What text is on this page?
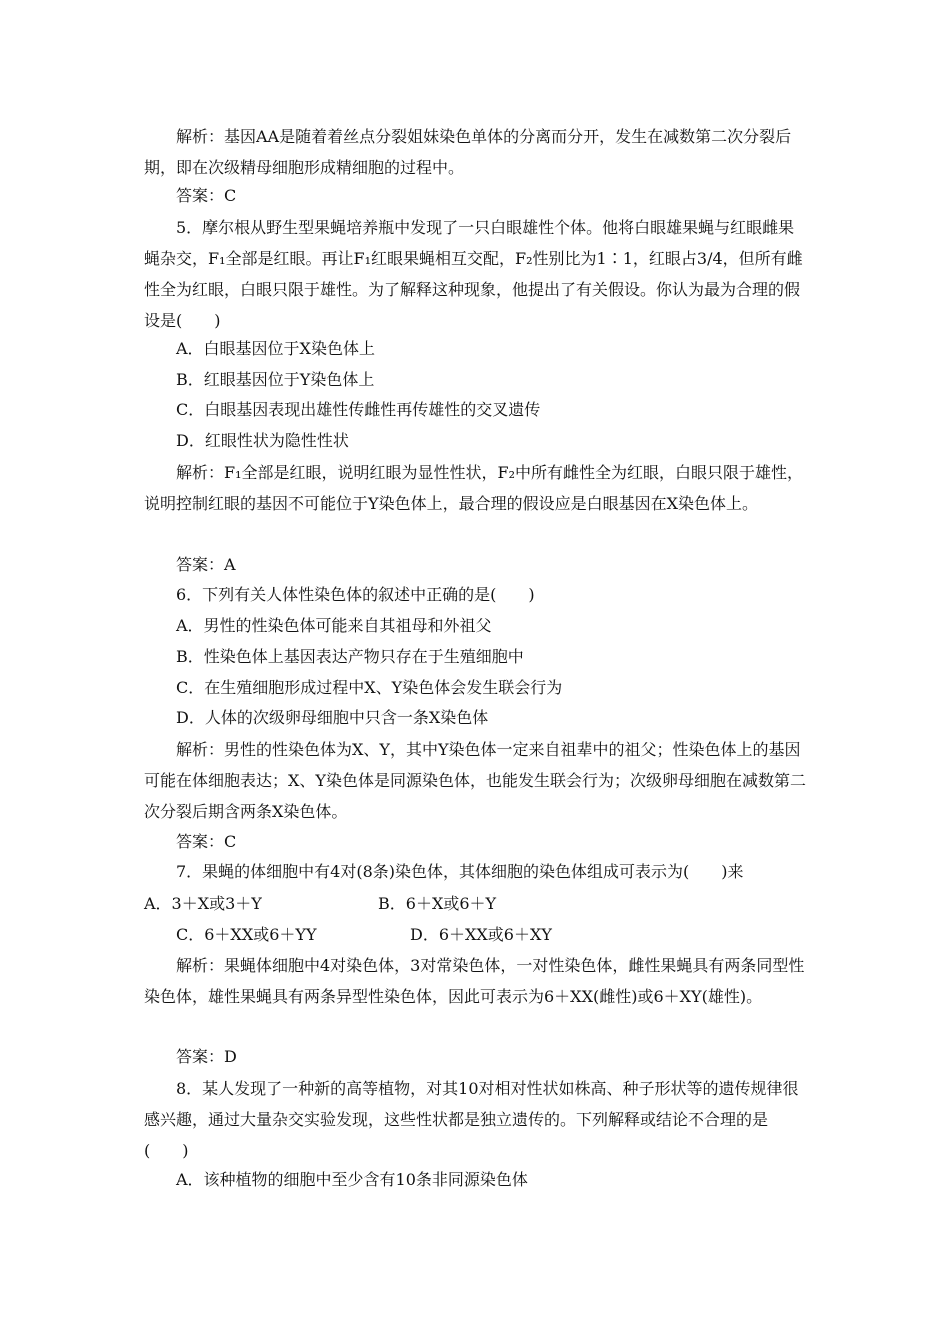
解析：基因AA是随着着丝点分裂姐妹染色单体的分离而分开，发生在减数第二次分裂后期，即在次级精母细胞形成精细胞的过程中。
答案：C
5．摩尔根从野生型果蝇培养瓶中发现了一只白眼雄性个体。他将白眼雄果蝇与红眼雌果蝇杂交，F₁全部是红眼。再让F₁红眼果蝇相互交配，F₂性别比为1∶1，红眼占3/4，但所有雌性全为红眼，白眼只限于雄性。为了解释这种现象，他提出了有关假设。你认为最为合理的假设是(　　)
A．白眼基因位于X染色体上
B．红眼基因位于Y染色体上
C．白眼基因表现出雄性传雌性再传雄性的交叉遗传
D．红眼性状为隐性性状
解析：F₁全部是红眼，说明红眼为显性性状，F₂中所有雌性全为红眼，白眼只限于雄性，说明控制红眼的基因不可能位于Y染色体上，最合理的假设应是白眼基因在X染色体上。
答案：A
6．下列有关人体性染色体的叙述中正确的是(　　)
A．男性的性染色体可能来自其祖母和外祖父
B．性染色体上基因表达产物只存在于生殖细胞中
C．在生殖细胞形成过程中X、Y染色体会发生联会行为
D．人体的次级卵母细胞中只含一条X染色体
解析：男性的性染色体为X、Y，其中Y染色体一定来自祖辈中的祖父；性染色体上的基因可能在体细胞表达；X、Y染色体是同源染色体，也能发生联会行为；次级卵母细胞在减数第二次分裂后期含两条X染色体。
答案：C
7．果蝇的体细胞中有4对(8条)染色体，其体细胞的染色体组成可表示为(　　)来
A．3＋X或3＋Y	B．6＋X或6＋Y
C．6＋XX或6＋YY	D．6＋XX或6＋XY
解析：果蝇体细胞中4对染色体，3对常染色体，一对性染色体，雌性果蝇具有两条同型性染色体，雄性果蝇具有两条异型性染色体，因此可表示为6＋XX(雌性)或6＋XY(雄性)。
答案：D
8．某人发现了一种新的高等植物，对其10对相对性状如株高、种子形状等的遗传规律很感兴趣，通过大量杂交实验发现，这些性状都是独立遗传的。下列解释或结论不合理的是(　　)
A．该种植物的细胞中至少含有10条非同源染色体
